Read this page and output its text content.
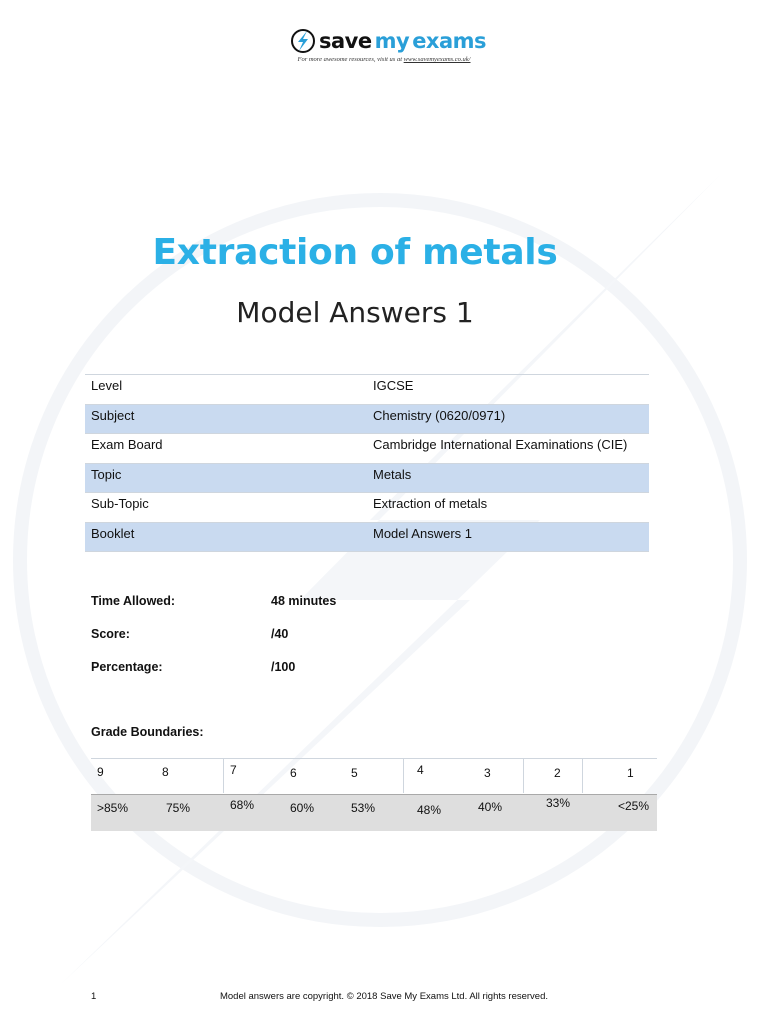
save my exams
For more awesome resources, visit us at www.savemyexams.co.uk/
Extraction of metals
Model Answers 1
Level	IGCSE
Subject	Chemistry (0620/0971)
Exam Board	Cambridge International Examinations (CIE)
Topic	Metals
Sub-Topic	Extraction of metals
Booklet	Model Answers 1
Time Allowed:	48 minutes
Score:	/40
Percentage:	/100
Grade Boundaries:
9	8	7	6	5	4	3	2	1
>85%	75%	68%	60%	53%	48%	40%	33%	<25%
1	Model answers are copyright. © 2018 Save My Exams Ltd. All rights reserved.
